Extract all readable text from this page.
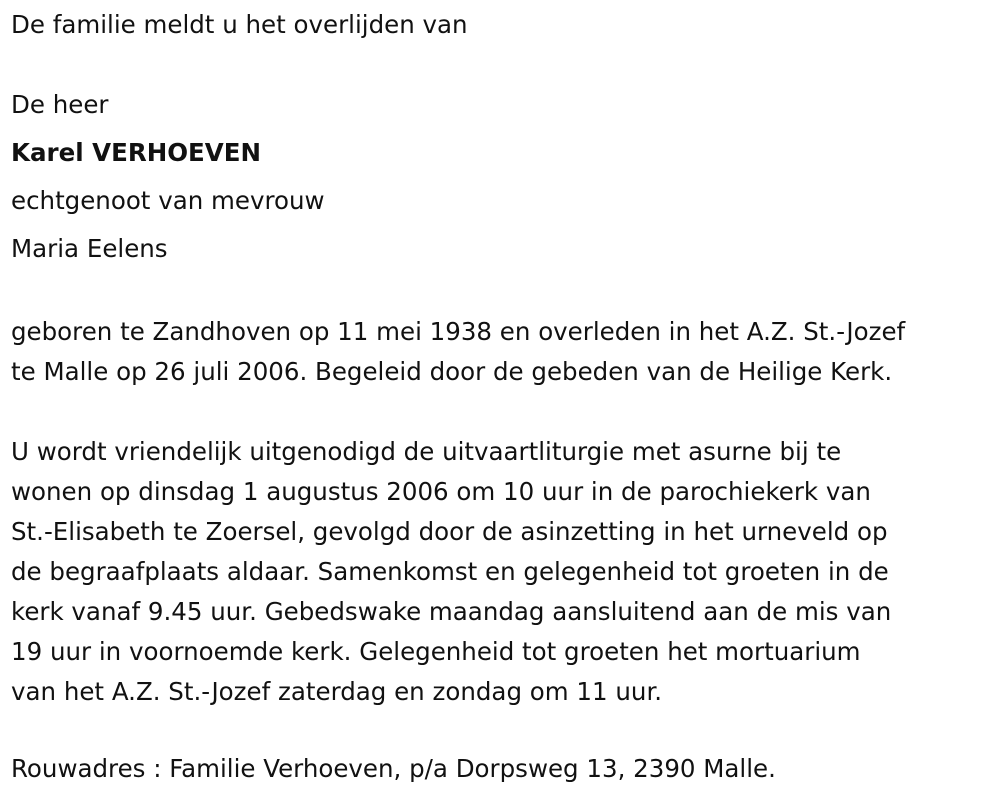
De familie meldt u het overlijden van

De heer

Karel VERHOEVEN

echtgenoot van mevrouw

Maria Eelens

geboren te Zandhoven op 11 mei 1938 en overleden in het A.Z. St.-Jozef
te Malle op 26 juli 2006. Begeleid door de gebeden van de Heilige Kerk.
U wordt vriendelijk uitgenodigd de uitvaartliturgie met asurne bij te
wonen op dinsdag 1 augustus 2006 om 10 uur in de parochiekerk van
St.-Elisabeth te Zoersel, gevolgd door de asinzetting in het urneveld op
de begraafplaats aldaar. Samenkomst en gelegenheid tot groeten in de
kerk vanaf 9.45 uur. Gebedswake maandag aansluitend aan de mis van
19 uur in voornoemde kerk. Gelegenheid tot groeten het mortuarium
van het A.Z. St.-Jozef zaterdag en zondag om 11 uur.

Rouwadres : Familie Verhoeven, p/a Dorpsweg 13, 2390 Malle.
